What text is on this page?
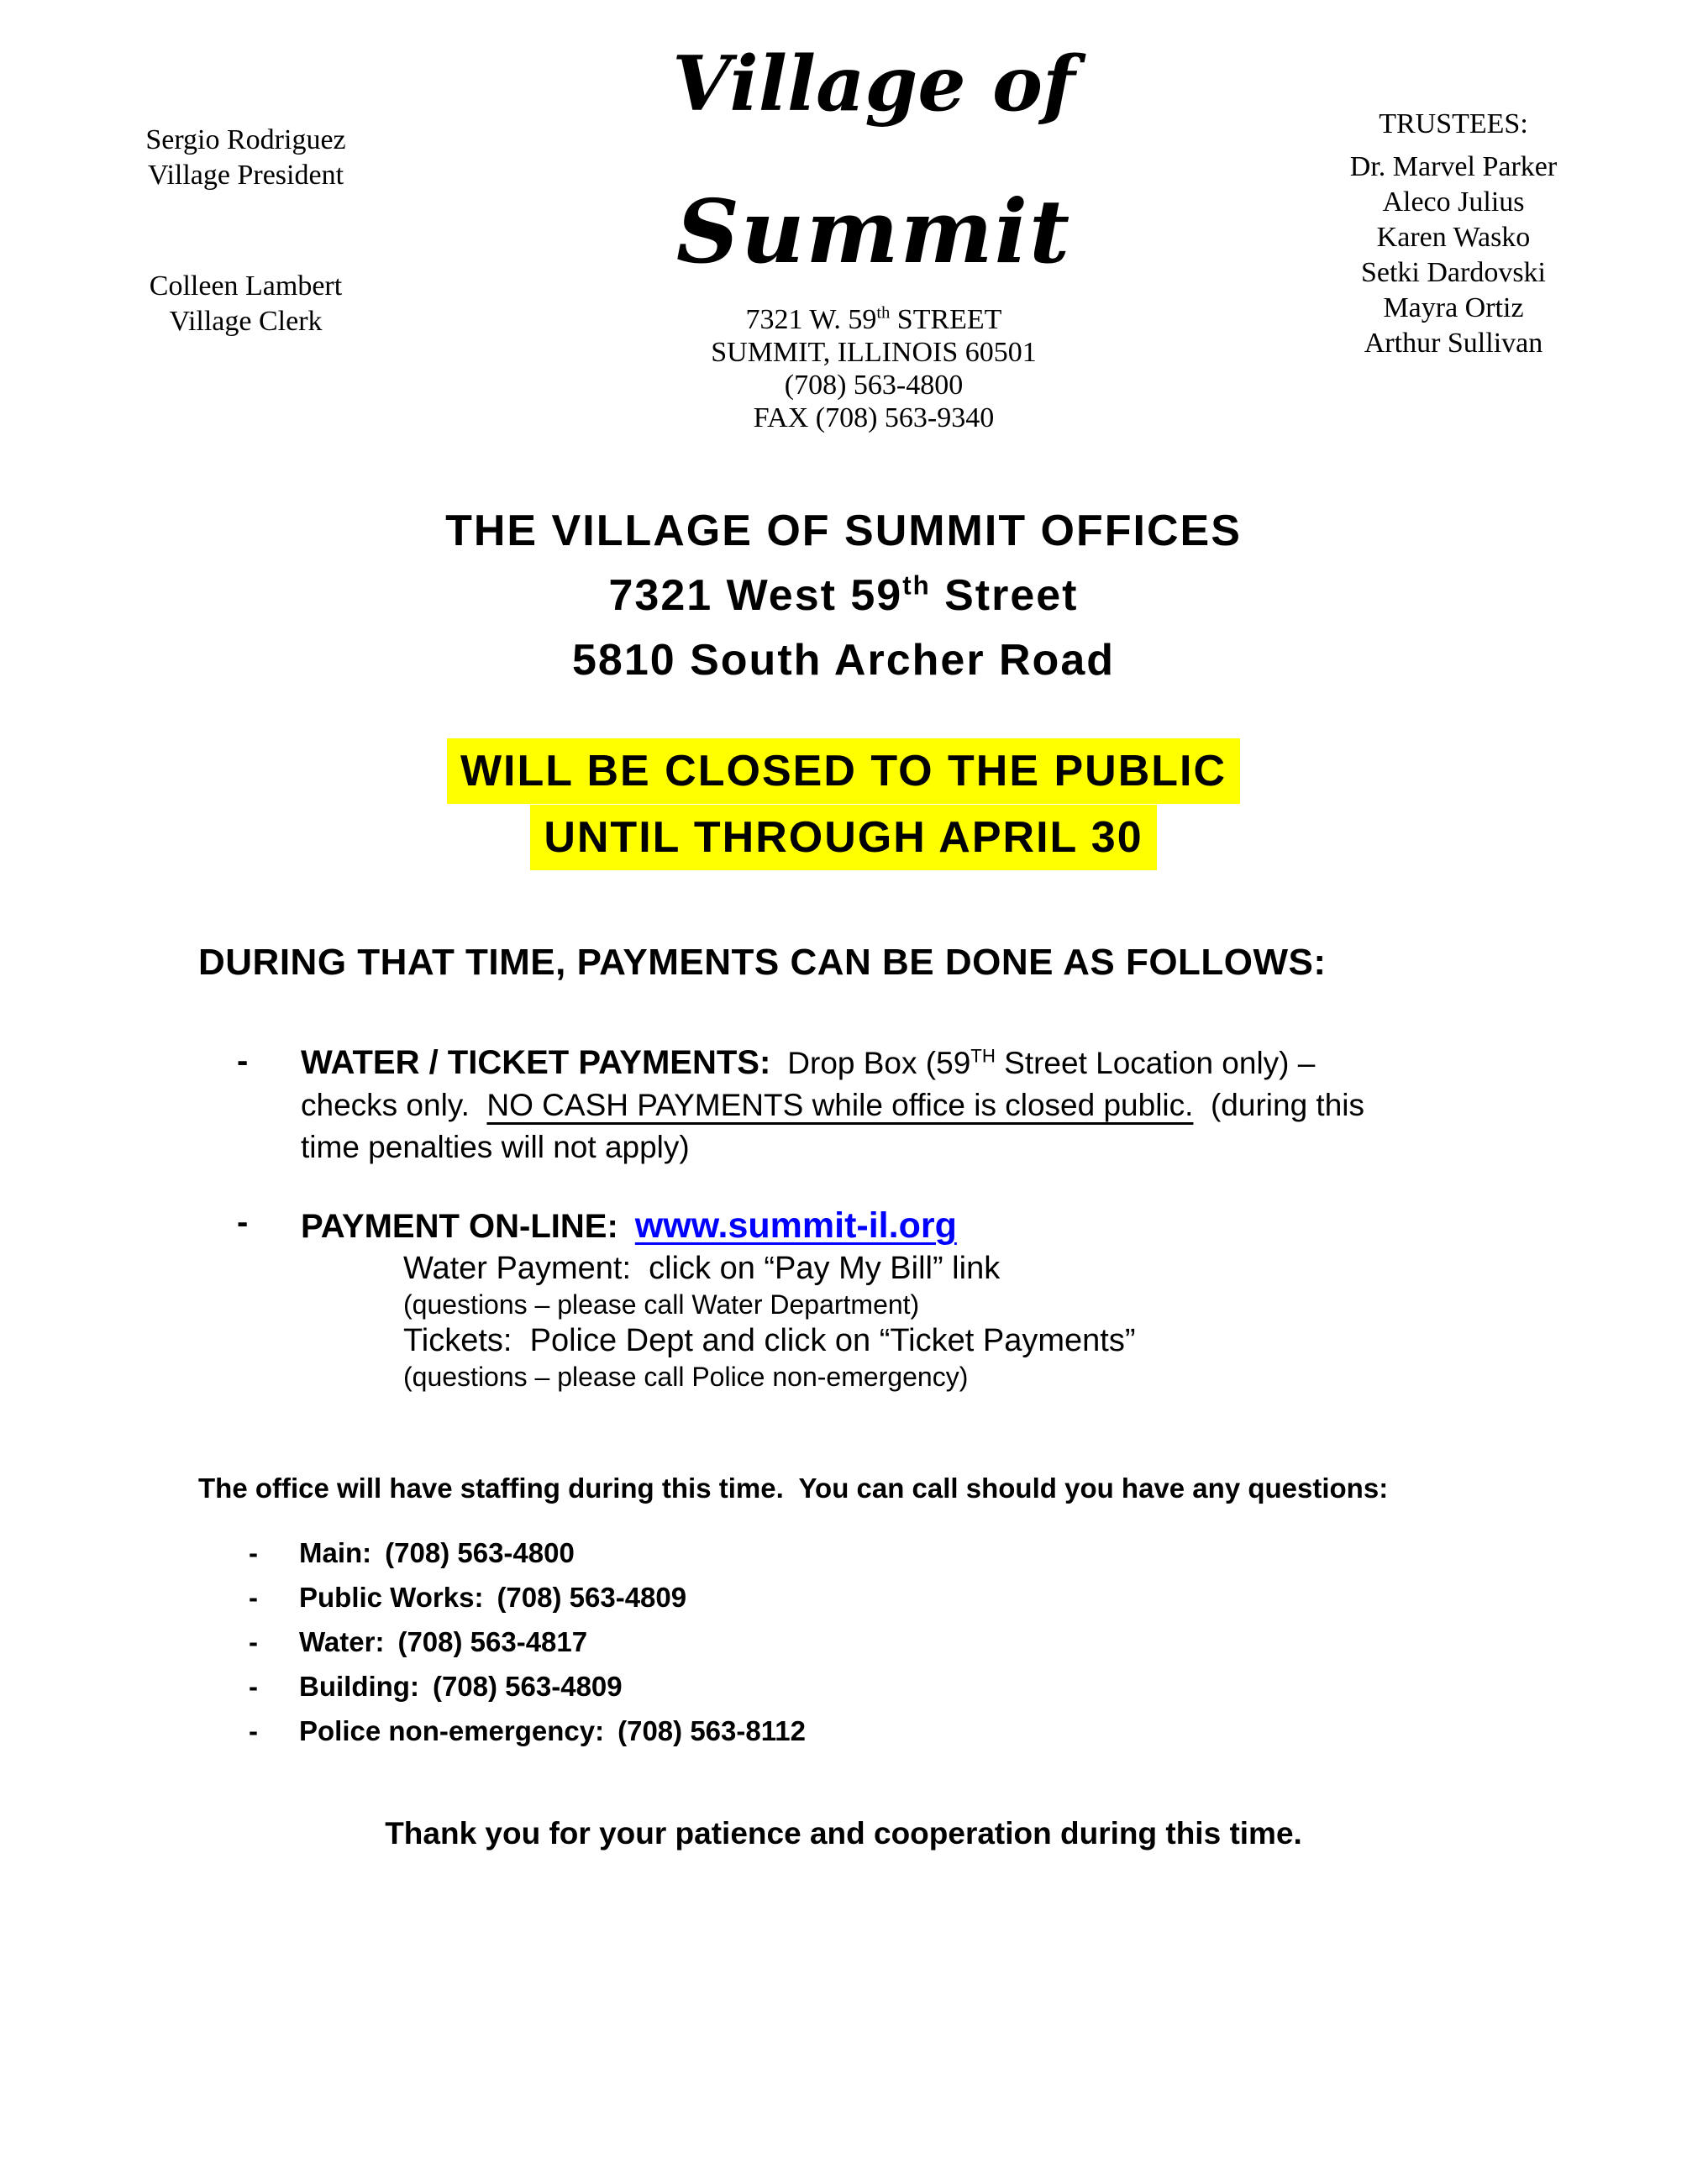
Sergio Rodriguez
Village President
Colleen Lambert
Village Clerk
Village of
Summit
7321 W. 59th STREET
SUMMIT, ILLINOIS 60501
(708) 563-4800
FAX (708) 563-9340
TRUSTEES:
Dr. Marvel Parker
Aleco Julius
Karen Wasko
Setki Dardovski
Mayra Ortiz
Arthur Sullivan
THE VILLAGE OF SUMMIT OFFICES
7321 West 59th Street
5810 South Archer Road
WILL BE CLOSED TO THE PUBLIC
UNTIL THROUGH APRIL 30
DURING THAT TIME, PAYMENTS CAN BE DONE AS FOLLOWS:
- WATER / TICKET PAYMENTS: Drop Box (59TH Street Location only) –
checks only.  NO CASH PAYMENTS while office is closed public.  (during this
time penalties will not apply)
- PAYMENT ON-LINE: www.summit-il.org
Water Payment:  click on “Pay My Bill” link
(questions – please call Water Department)
Tickets:  Police Dept and click on “Ticket Payments”
(questions – please call Police non-emergency)
The office will have staffing during this time.  You can call should you have any questions:
- Main: (708) 563-4800
- Public Works: (708) 563-4809
- Water: (708) 563-4817
- Building: (708) 563-4809
- Police non-emergency: (708) 563-8112
Thank you for your patience and cooperation during this time.
